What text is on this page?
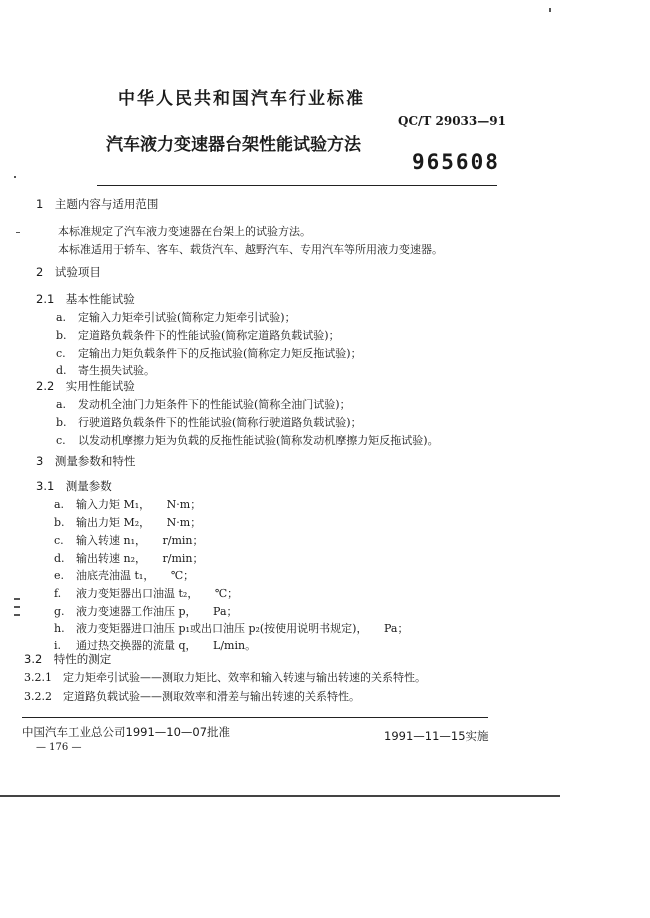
中华人民共和国汽车行业标准
QC/T 29033—91
汽车液力变速器台架性能试验方法
965608
1　主题内容与适用范围
本标准规定了汽车液力变速器在台架上的试验方法。
本标准适用于轿车、客车、载货汽车、越野汽车、专用汽车等所用液力变速器。
2　试验项目
2.1　基本性能试验
a. 定输入力矩牵引试验(简称定力矩牵引试验)；
b. 定道路负载条件下的性能试验(简称定道路负载试验)；
c. 定输出力矩负载条件下的反拖试验(简称定力矩反拖试验)；
d. 寄生损失试验。
2.2　实用性能试验
a. 发动机全油门力矩条件下的性能试验(简称全油门试验)；
b. 行驶道路负载条件下的性能试验(简称行驶道路负载试验)；
c. 以发动机摩擦力矩为负载的反拖性能试验(简称发动机摩擦力矩反拖试验)。
3　测量参数和特性
3.1　测量参数
a. 输入力矩 M₁，　　N·m；
b. 输出力矩 M₂，　　N·m；
c. 输入转速 n₁，　　r/min；
d. 输出转速 n₂，　　r/min；
e. 油底壳油温 t₁，　　℃；
f. 液力变矩器出口油温 t₂，　　℃；
g. 液力变速器工作油压 p，　　Pa；
h. 液力变矩器进口油压 p₁或出口油压 p₂(按使用说明书规定)，　　Pa；
i. 通过热交换器的流量 q，　　L/min。
3.2　特性的测定
3.2.1　定力矩牵引试验——测取力矩比、效率和输入转速与输出转速的关系特性。
3.2.2　定道路负载试验——测取效率和滑差与输出转速的关系特性。
中国汽车工业总公司1991—10—07批准	1991—11—15实施
— 176 —
